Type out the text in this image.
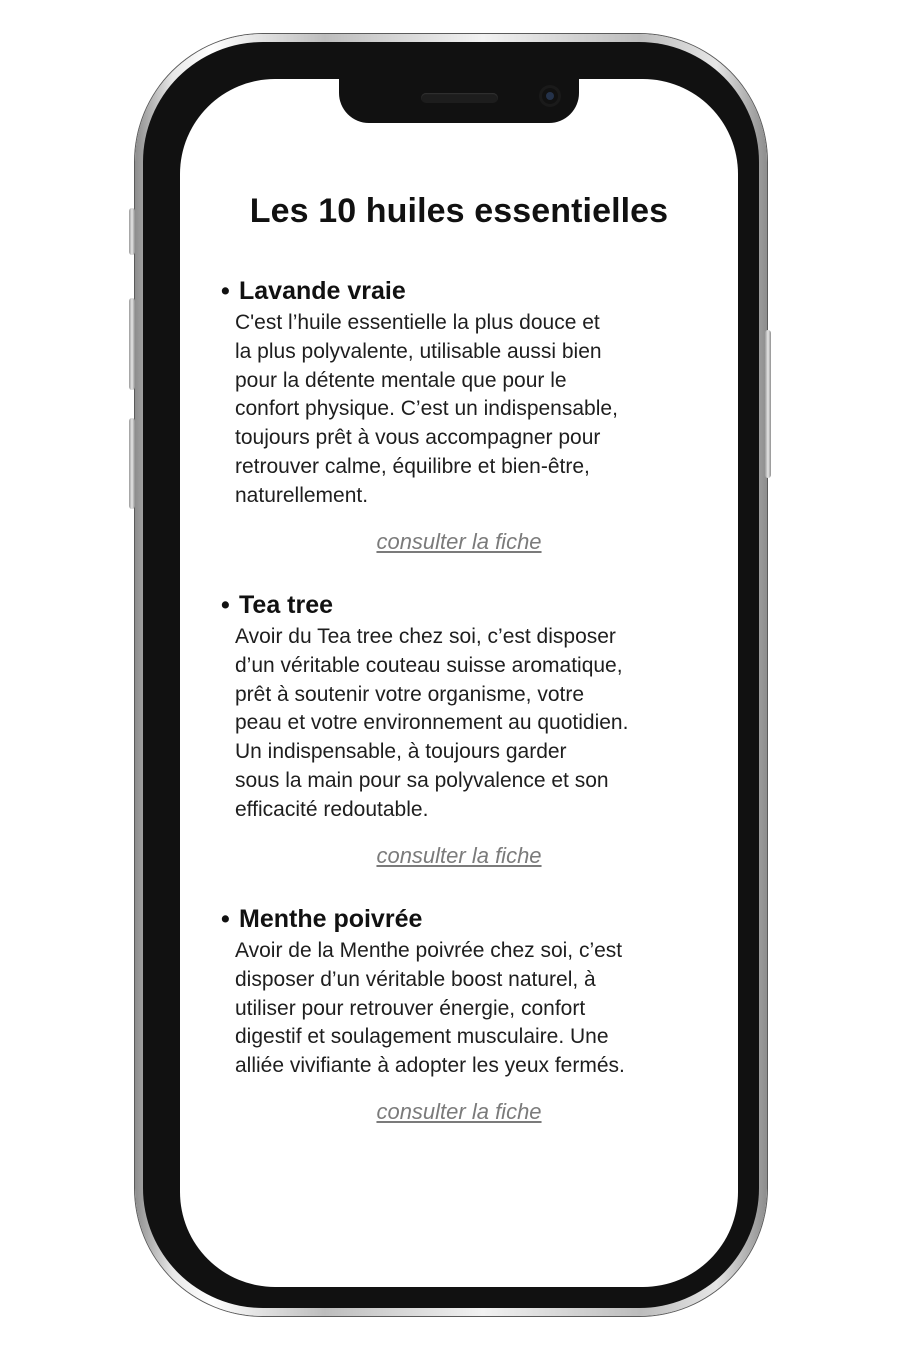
Les 10 huiles essentielles
• Lavande vraie
C'est l’huile essentielle la plus douce et
la plus polyvalente, utilisable aussi bien
pour la détente mentale que pour le
confort physique. C’est un indispensable,
toujours prêt à vous accompagner pour
retrouver calme, équilibre et bien-être,
naturellement.
consulter la fiche
• Tea tree
Avoir du Tea tree chez soi, c’est disposer
d’un véritable couteau suisse aromatique,
prêt à soutenir votre organisme, votre
peau et votre environnement au quotidien.
Un indispensable, à toujours garder
sous la main pour sa polyvalence et son
efficacité redoutable.
consulter la fiche
• Menthe poivrée
Avoir de la Menthe poivrée chez soi, c’est
disposer d’un véritable boost naturel, à
utiliser pour retrouver énergie, confort
digestif et soulagement musculaire. Une
alliée vivifiante à adopter les yeux fermés.
consulter la fiche
